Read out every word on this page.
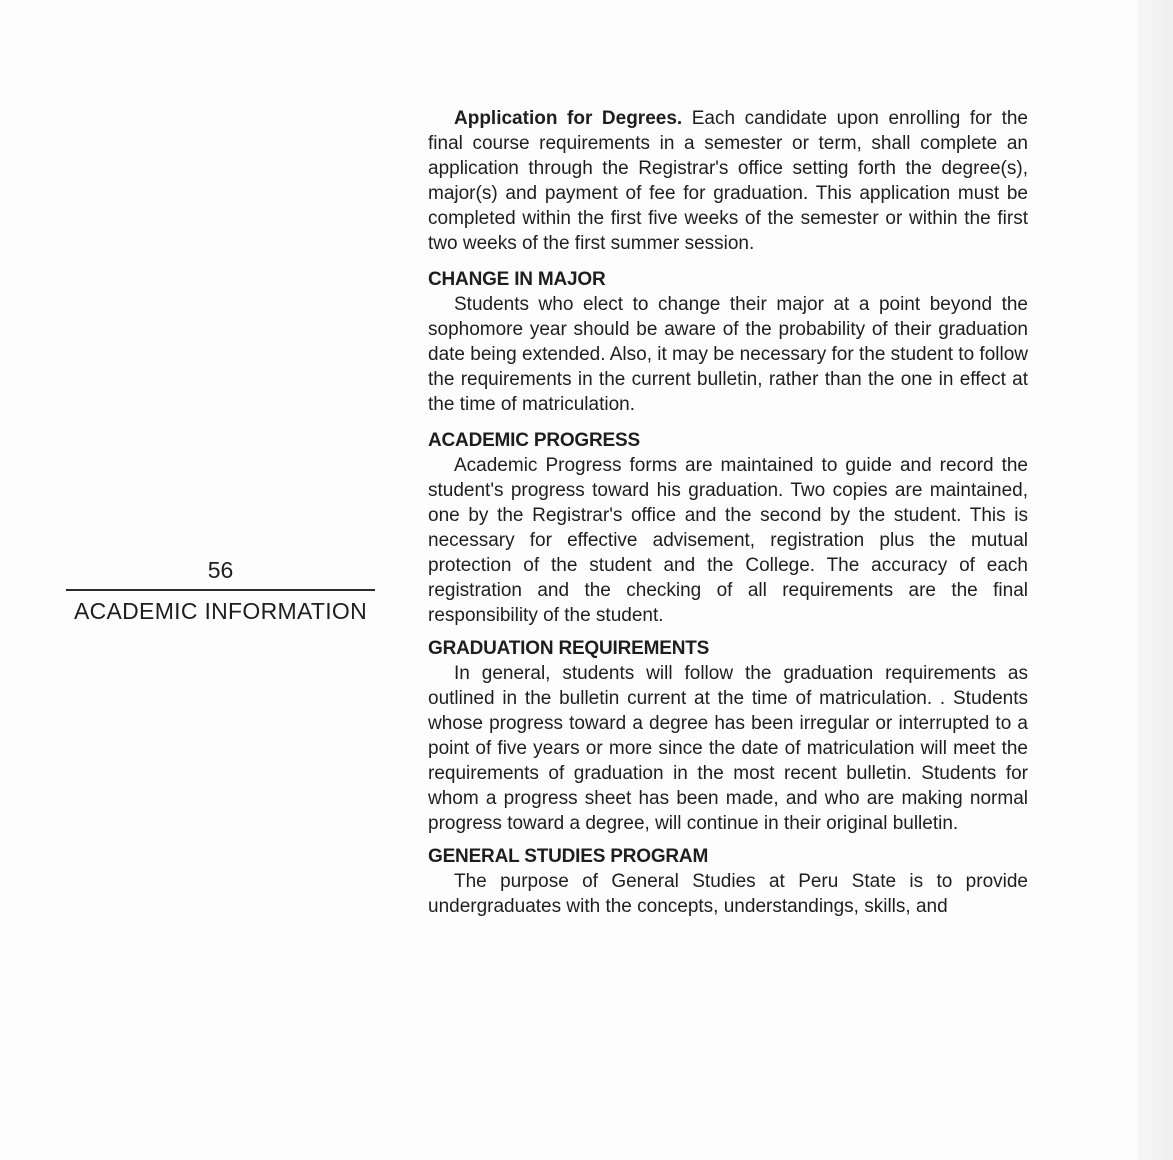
56
ACADEMIC INFORMATION

Application for Degrees. Each candidate upon enrolling for the final course requirements in a semester or term, shall complete an application through the Registrar's office setting forth the degree(s), major(s) and payment of fee for graduation. This application must be completed within the first five weeks of the semester or within the first two weeks of the first summer session.

CHANGE IN MAJOR

Students who elect to change their major at a point beyond the sophomore year should be aware of the probability of their graduation date being extended. Also, it may be necessary for the student to follow the requirements in the current bulletin, rather than the one in effect at the time of matriculation.

ACADEMIC PROGRESS

Academic Progress forms are maintained to guide and record the student's progress toward his graduation. Two copies are maintained, one by the Registrar's office and the second by the student. This is necessary for effective advisement, registration plus the mutual protection of the student and the College. The accuracy of each registration and the checking of all requirements are the final responsibility of the student.

GRADUATION REQUIREMENTS

In general, students will follow the graduation requirements as outlined in the bulletin current at the time of matriculation. . Students whose progress toward a degree has been irregular or interrupted to a point of five years or more since the date of matriculation will meet the requirements of graduation in the most recent bulletin. Students for whom a progress sheet has been made, and who are making normal progress toward a degree, will continue in their original bulletin.

GENERAL STUDIES PROGRAM

The purpose of General Studies at Peru State is to provide undergraduates with the concepts, understandings, skills, and
